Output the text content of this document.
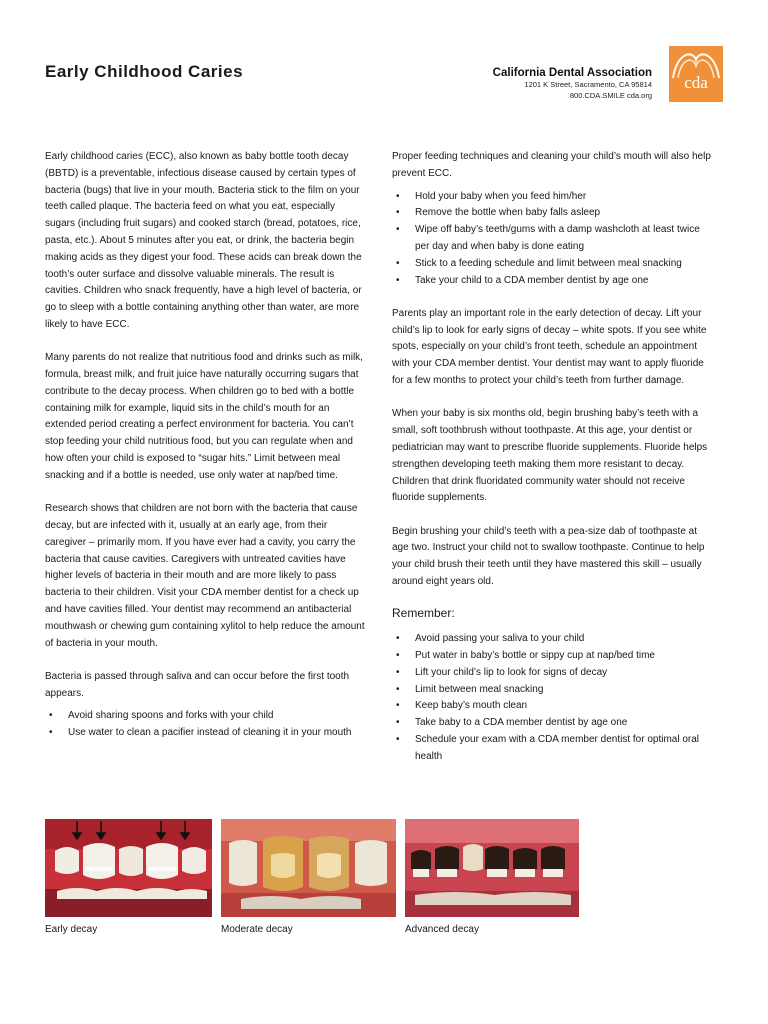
Early Childhood Caries	California Dental Association
1201 K Street, Sacramento, CA 95814
800.CDA.SMILE cda.org
cda

Early childhood caries (ECC), also known as baby bottle tooth decay (BBTD) is a preventable, infectious disease caused by certain types of bacteria (bugs) that live in your mouth. Bacteria stick to the film on your teeth called plaque. The bacteria feed on what you eat, especially sugars (including fruit sugars) and cooked starch (bread, potatoes, rice, pasta, etc.). About 5 minutes after you eat, or drink, the bacteria begin making acids as they digest your food. These acids can break down the tooth’s outer surface and dissolve valuable minerals. The result is cavities. Children who snack frequently, have a high level of bacteria, or go to sleep with a bottle containing anything other than water, are more likely to have ECC.

Many parents do not realize that nutritious food and drinks such as milk, formula, breast milk, and fruit juice have naturally occurring sugars that contribute to the decay process. When children go to bed with a bottle containing milk for example, liquid sits in the child’s mouth for an extended period creating a perfect environment for bacteria. You can’t stop feeding your child nutritious food, but you can regulate when and how often your child is exposed to “sugar hits.” Limit between meal snacking and if a bottle is needed, use only water at nap/bed time.

Research shows that children are not born with the bacteria that cause decay, but are infected with it, usually at an early age, from their caregiver – primarily mom. If you have ever had a cavity, you carry the bacteria that cause cavities. Caregivers with untreated cavities have higher levels of bacteria in their mouth and are more likely to pass bacteria to their children. Visit your CDA member dentist for a check up and have cavities filled. Your dentist may recommend an antibacterial mouthwash or chewing gum containing xylitol to help reduce the amount of bacteria in your mouth.

Bacteria is passed through saliva and can occur before the first tooth appears.

• Avoid sharing spoons and forks with your child
• Use water to clean a pacifier instead of cleaning it in your mouth

Proper feeding techniques and cleaning your child’s mouth will also help prevent ECC.

• Hold your baby when you feed him/her
• Remove the bottle when baby falls asleep
• Wipe off baby’s teeth/gums with a damp washcloth at least twice per day and when baby is done eating
• Stick to a feeding schedule and limit between meal snacking
• Take your child to a CDA member dentist by age one

Parents play an important role in the early detection of decay. Lift your child’s lip to look for early signs of decay – white spots. If you see white spots, especially on your child’s front teeth, schedule an appointment with your CDA member dentist. Your dentist may want to apply fluoride for a few months to protect your child’s teeth from further damage.

When your baby is six months old, begin brushing baby’s teeth with a small, soft toothbrush without toothpaste. At this age, your dentist or pediatrician may want to prescribe fluoride supplements. Fluoride helps strengthen developing teeth making them more resistant to decay. Children that drink fluoridated community water should not receive fluoride supplements.

Begin brushing your child’s teeth with a pea-size dab of toothpaste at age two. Instruct your child not to swallow toothpaste. Continue to help your child brush their teeth until they have mastered this skill – usually around eight years old.

Remember:
• Avoid passing your saliva to your child
• Put water in baby’s bottle or sippy cup at nap/bed time
• Lift your child’s lip to look for signs of decay
• Limit between meal snacking
• Keep baby’s mouth clean
• Take baby to a CDA member dentist by age one
• Schedule your exam with a CDA member dentist for optimal oral health
Early decay	Moderate decay	Advanced decay
